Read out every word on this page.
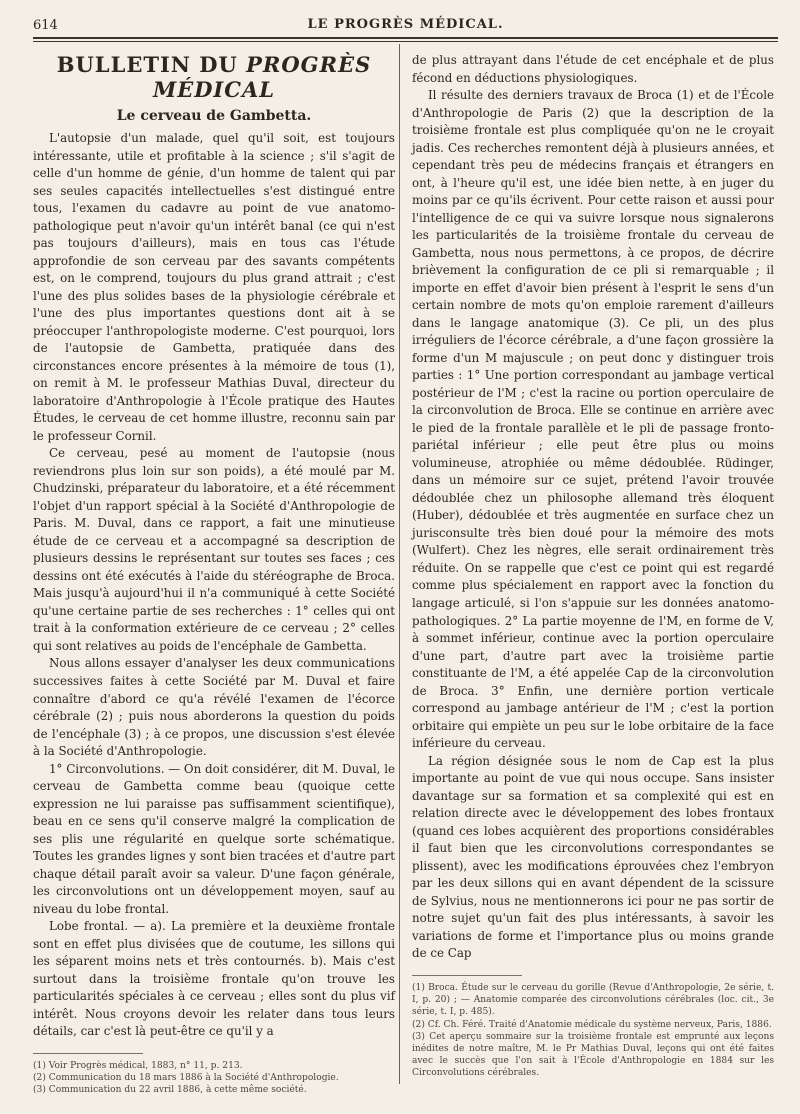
614	LE PROGRÈS MÉDICAL.
BULLETIN DU PROGRÈS MÉDICAL
Le cerveau de Gambetta.

L'autopsie d'un malade, quel qu'il soit, est toujours intéressante, utile et profitable à la science ; s'il s'agit de celle d'un homme de génie, d'un homme de talent qui par ses seules capacités intellectuelles s'est distingué entre tous, l'examen du cadavre au point de vue anatomo-pathologique peut n'avoir qu'un intérêt banal (ce qui n'est pas toujours d'ailleurs), mais en tous cas l'étude approfondie de son cerveau par des savants compétents est, on le comprend, toujours du plus grand attrait ; c'est l'une des plus solides bases de la physiologie cérébrale et l'une des plus importantes questions dont ait à se préoccuper l'anthropologiste moderne. C'est pourquoi, lors de l'autopsie de Gambetta, pratiquée dans des circonstances encore présentes à la mémoire de tous (1), on remit à M. le professeur Mathias Duval, directeur du laboratoire d'Anthropologie à l'École pratique des Hautes Études, le cerveau de cet homme illustre, reconnu sain par le professeur Cornil.

Ce cerveau, pesé au moment de l'autopsie (nous reviendrons plus loin sur son poids), a été moulé par M. Chudzinski, préparateur du laboratoire, et a été récemment l'objet d'un rapport spécial à la Société d'Anthropologie de Paris. M. Duval, dans ce rapport, a fait une minutieuse étude de ce cerveau et a accompagné sa description de plusieurs dessins le représentant sur toutes ses faces ; ces dessins ont été exécutés à l'aide du stéréographe de Broca. Mais jusqu'à aujourd'hui il n'a communiqué à cette Société qu'une certaine partie de ses recherches : 1° celles qui ont trait à la conformation extérieure de ce cerveau ; 2° celles qui sont relatives au poids de l'encéphale de Gambetta.

Nous allons essayer d'analyser les deux communications successives faites à cette Société par M. Duval et faire connaître d'abord ce qu'a révélé l'examen de l'écorce cérébrale (2) ; puis nous aborderons la question du poids de l'encéphale (3) ; à ce propos, une discussion s'est élevée à la Société d'Anthropologie.

1° Circonvolutions. — On doit considérer, dit M. Duval, le cerveau de Gambetta comme beau (quoique cette expression ne lui paraisse pas suffisamment scientifique), beau en ce sens qu'il conserve malgré la complication de ses plis une régularité en quelque sorte schématique. Toutes les grandes lignes y sont bien tracées et d'autre part chaque détail paraît avoir sa valeur. D'une façon générale, les circonvolutions ont un développement moyen, sauf au niveau du lobe frontal.

Lobe frontal. — a). La première et la deuxième frontale sont en effet plus divisées que de coutume, les sillons qui les séparent moins nets et très contournés. b). Mais c'est surtout dans la troisième frontale qu'on trouve les particularités spéciales à ce cerveau ; elles sont du plus vif intérêt. Nous croyons devoir les relater dans tous leurs détails, car c'est là peut-être ce qu'il y a

(1) Voir Progrès médical, 1883, n° 11, p. 213.

(2) Communication du 18 mars 1886 à la Société d'Anthropologie.

(3) Communication du 22 avril 1886, à cette même société.

de plus attrayant dans l'étude de cet encéphale et de plus fécond en déductions physiologiques.

Il résulte des derniers travaux de Broca (1) et de l'École d'Anthropologie de Paris (2) que la description de la troisième frontale est plus compliquée qu'on ne le croyait jadis. Ces recherches remontent déjà à plusieurs années, et cependant très peu de médecins français et étrangers en ont, à l'heure qu'il est, une idée bien nette, à en juger du moins par ce qu'ils écrivent. Pour cette raison et aussi pour l'intelligence de ce qui va suivre lorsque nous signalerons les particularités de la troisième frontale du cerveau de Gambetta, nous nous permettons, à ce propos, de décrire brièvement la configuration de ce pli si remarquable ; il importe en effet d'avoir bien présent à l'esprit le sens d'un certain nombre de mots qu'on emploie rarement d'ailleurs dans le langage anatomique (3). Ce pli, un des plus irréguliers de l'écorce cérébrale, a d'une façon grossière la forme d'un M majuscule ; on peut donc y distinguer trois parties : 1° Une portion correspondant au jambage vertical postérieur de l'M ; c'est la racine ou portion operculaire de la circonvolution de Broca. Elle se continue en arrière avec le pied de la frontale parallèle et le pli de passage fronto-pariétal inférieur ; elle peut être plus ou moins volumineuse, atrophiée ou même dédoublée. Rüdinger, dans un mémoire sur ce sujet, prétend l'avoir trouvée dédoublée chez un philosophe allemand très éloquent (Huber), dédoublée et très augmentée en surface chez un jurisconsulte très bien doué pour la mémoire des mots (Wulfert). Chez les nègres, elle serait ordinairement très réduite. On se rappelle que c'est ce point qui est regardé comme plus spécialement en rapport avec la fonction du langage articulé, si l'on s'appuie sur les données anatomo-pathologiques. 2° La partie moyenne de l'M, en forme de V, à sommet inférieur, continue avec la portion operculaire d'une part, d'autre part avec la troisième partie constituante de l'M, a été appelée Cap de la circonvolution de Broca. 3° Enfin, une dernière portion verticale correspond au jambage antérieur de l'M ; c'est la portion orbitaire qui empiète un peu sur le lobe orbitaire de la face inférieure du cerveau.

La région désignée sous le nom de Cap est la plus importante au point de vue qui nous occupe. Sans insister davantage sur sa formation et sa complexité qui est en relation directe avec le développement des lobes frontaux (quand ces lobes acquièrent des proportions considérables il faut bien que les circonvolutions correspondantes se plissent), avec les modifications éprouvées chez l'embryon par les deux sillons qui en avant dépendent de la scissure de Sylvius, nous ne mentionnerons ici pour ne pas sortir de notre sujet qu'un fait des plus intéressants, à savoir les variations de forme et l'importance plus ou moins grande de ce Cap

(1) Broca. Étude sur le cerveau du gorille (Revue d'Anthropologie, 2e série, t. I, p. 20) ; — Anatomie comparée des circonvolutions cérébrales (loc. cit., 3e série, t. I, p. 485).

(2) Cf. Ch. Féré. Traité d'Anatomie médicale du système nerveux, Paris, 1886.

(3) Cet aperçu sommaire sur la troisième frontale est emprunté aux leçons inédites de notre maître, M. le Pr Mathias Duval, leçons qui ont été faites avec le succès que l'on sait à l'École d'Anthropologie en 1884 sur les Circonvolutions cérébrales.
